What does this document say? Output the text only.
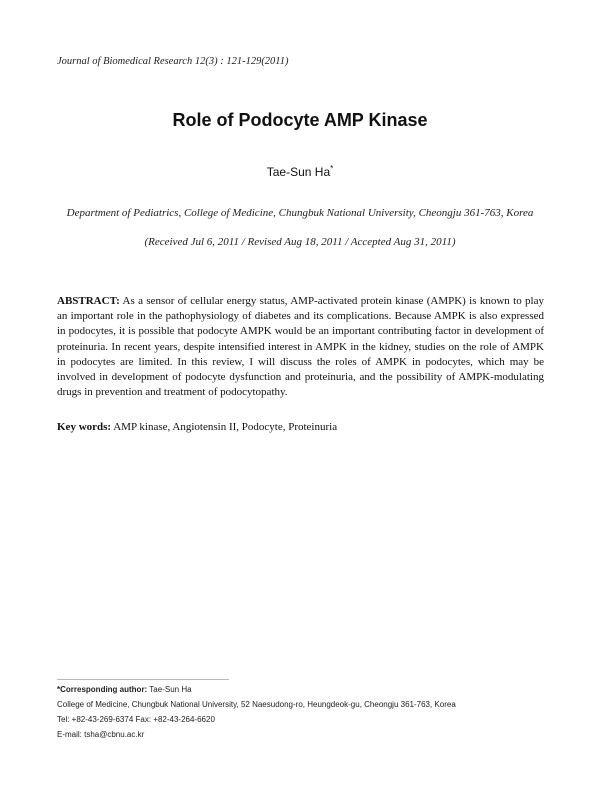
Journal of Biomedical Research 12(3) : 121-129(2011)
Role of Podocyte AMP Kinase
Tae-Sun Ha*
Department of Pediatrics, College of Medicine, Chungbuk National University, Cheongju 361-763, Korea
(Received Jul 6, 2011 / Revised Aug 18, 2011 / Accepted Aug 31, 2011)
ABSTRACT: As a sensor of cellular energy status, AMP-activated protein kinase (AMPK) is known to play an important role in the pathophysiology of diabetes and its complications. Because AMPK is also expressed in podocytes, it is possible that podocyte AMPK would be an important contributing factor in development of proteinuria. In recent years, despite intensified interest in AMPK in the kidney, studies on the role of AMPK in podocytes are limited. In this review, I will discuss the roles of AMPK in podocytes, which may be involved in development of podocyte dysfunction and proteinuria, and the possibility of AMPK-modulating drugs in prevention and treatment of podocytopathy.
Key words: AMP kinase, Angiotensin II, Podocyte, Proteinuria
*Corresponding author: Tae-Sun Ha
College of Medicine, Chungbuk National University, 52 Naesudong-ro, Heungdeok-gu, Cheongju 361-763, Korea
Tel: +82-43-269-6374 Fax: +82-43-264-6620
E-mail: tsha@cbnu.ac.kr
